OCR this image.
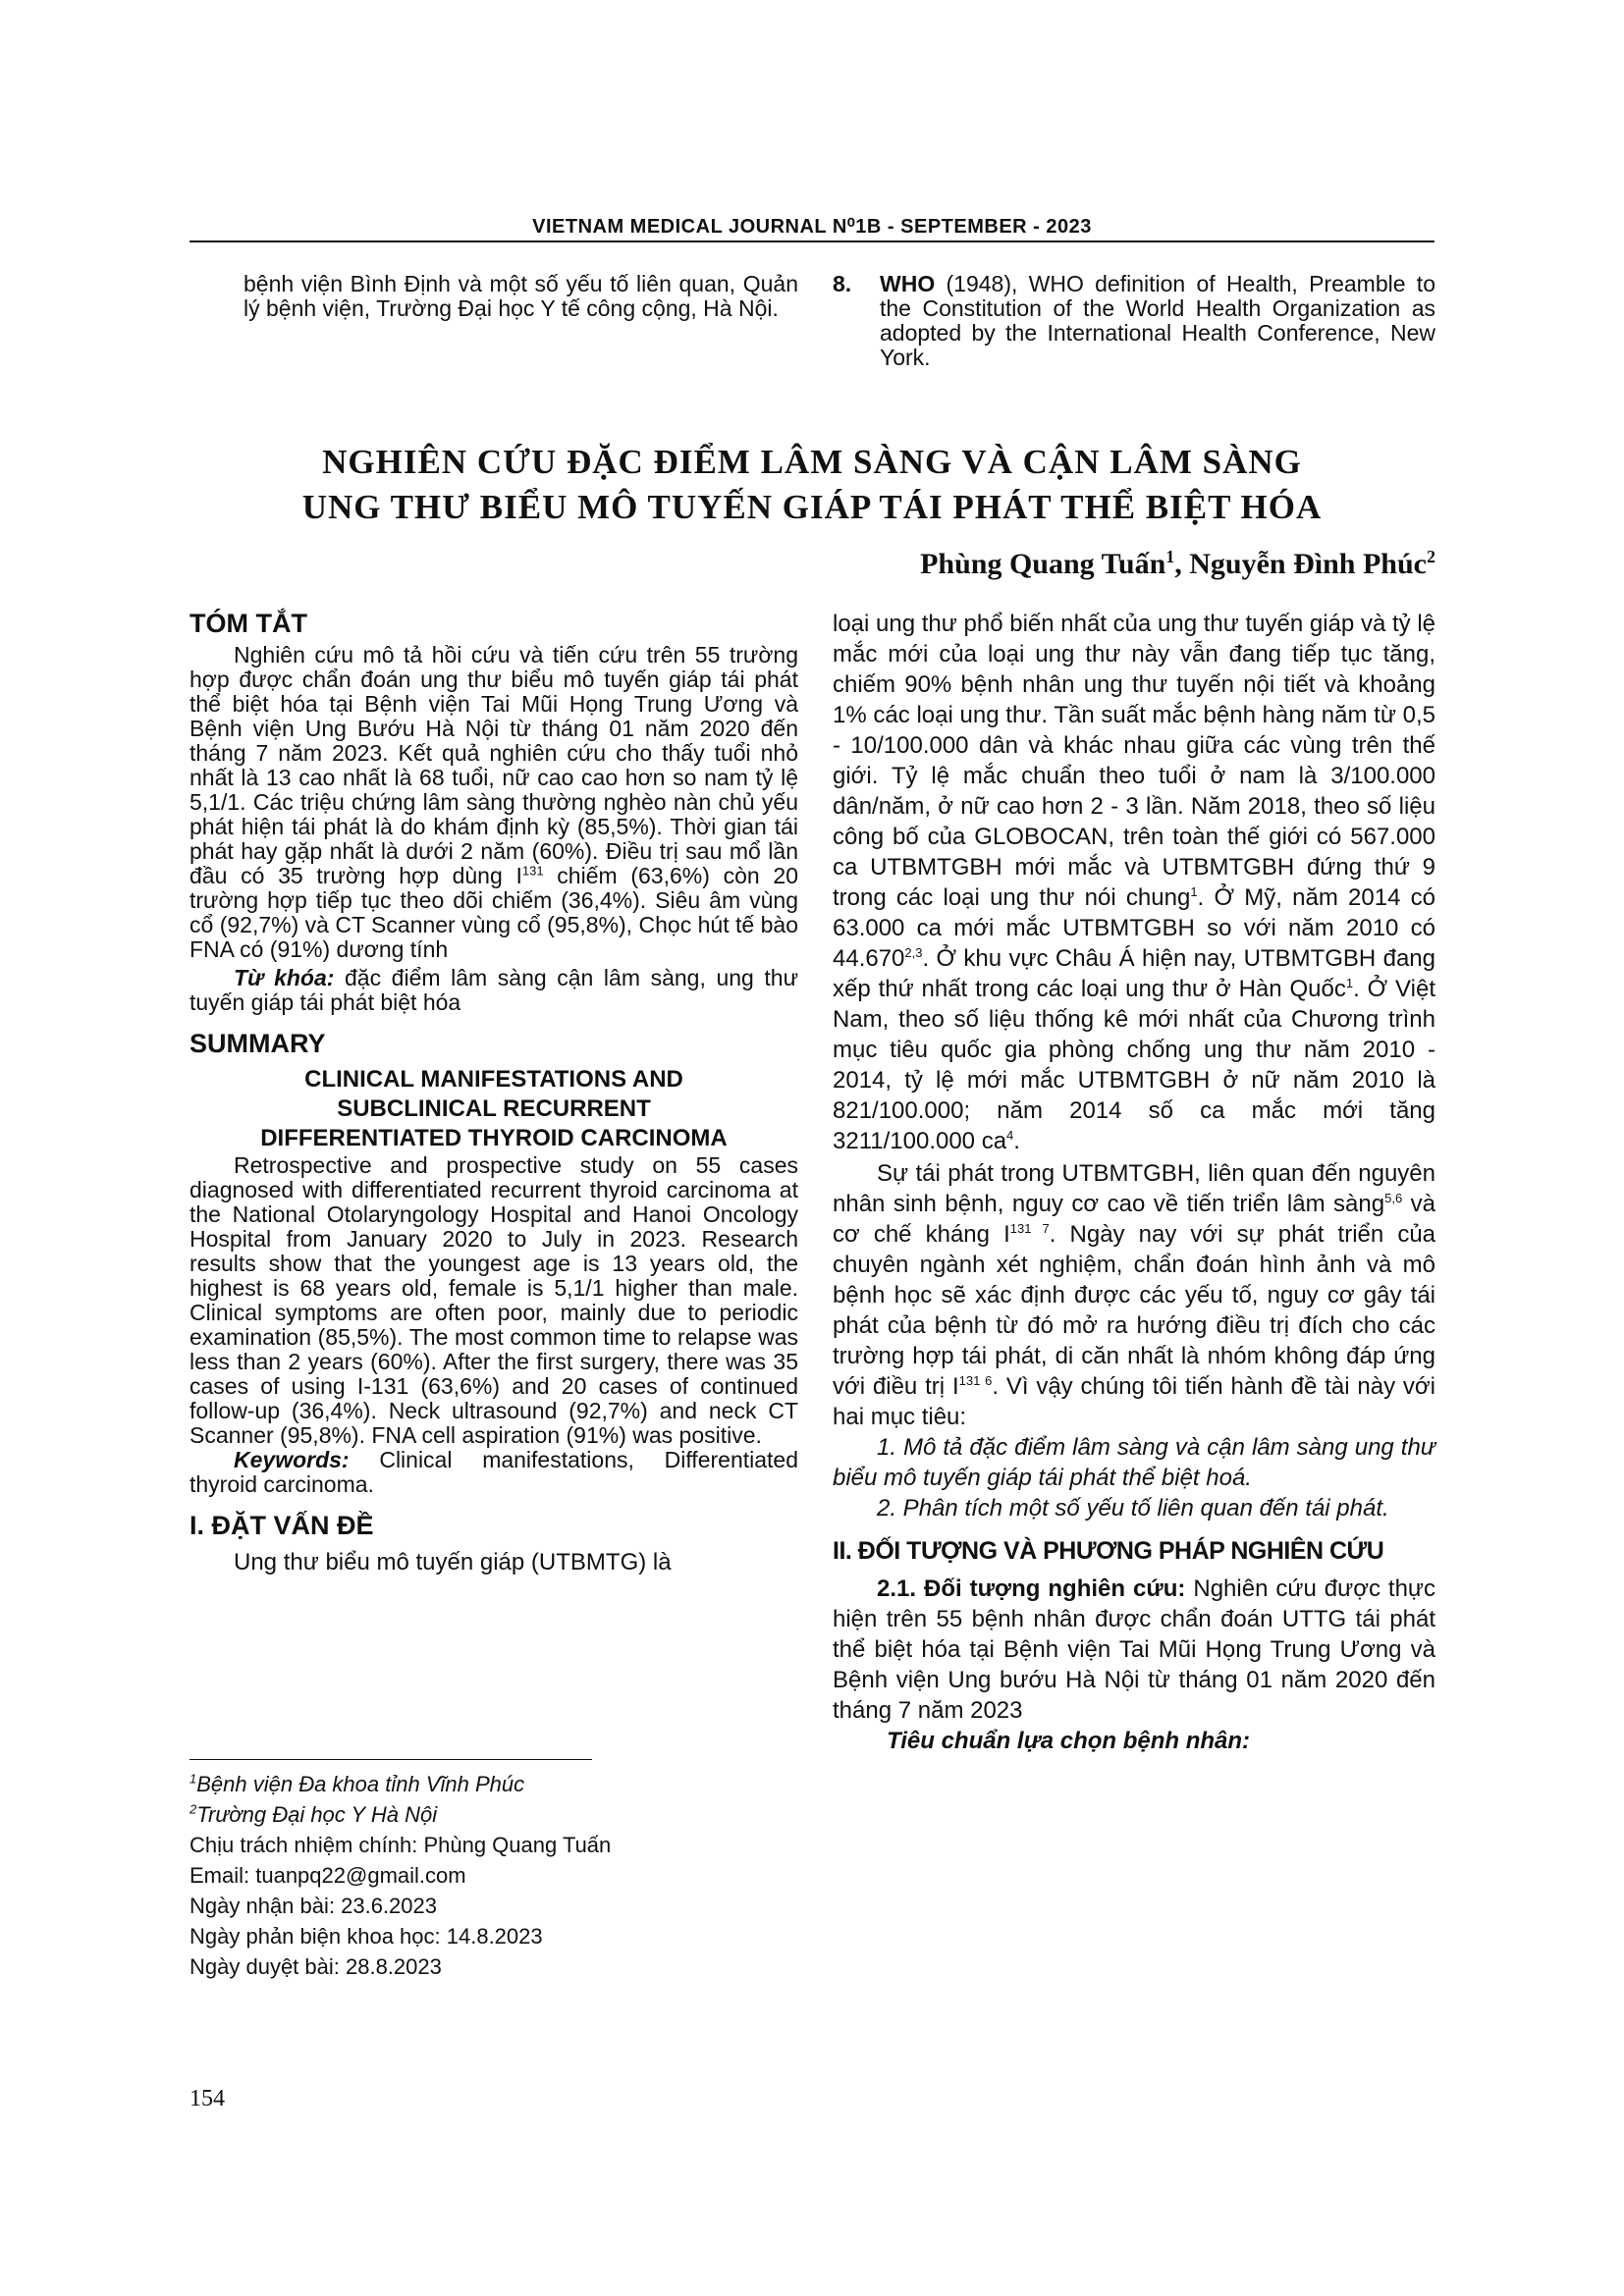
VIETNAM MEDICAL JOURNAL N⁰1B - SEPTEMBER - 2023

bệnh viện Bình Định và một số yếu tố liên quan, Quản lý bệnh viện, Trường Đại học Y tế công cộng, Hà Nội.

8. WHO (1948), WHO definition of Health, Preamble to the Constitution of the World Health Organization as adopted by the International Health Conference, New York.

NGHIÊN CỨU ĐẶC ĐIỂM LÂM SÀNG VÀ CẬN LÂM SÀNG
UNG THƯ BIỂU MÔ TUYẾN GIÁP TÁI PHÁT THỂ BIỆT HÓA
Phùng Quang Tuấn$^1$, Nguyễn Đình Phúc$^2$
TÓM TẮT

Nghiên cứu mô tả hồi cứu và tiến cứu trên 55 trường hợp được chẩn đoán ung thư biểu mô tuyến giáp tái phát thể biệt hóa tại Bệnh viện Tai Mũi Họng Trung Ương và Bệnh viện Ung Bướu Hà Nội từ tháng 01 năm 2020 đến tháng 7 năm 2023. Kết quả nghiên cứu cho thấy tuổi nhỏ nhất là 13 cao nhất là 68 tuổi, nữ cao cao hơn so nam tỷ lệ 5,1/1. Các triệu chứng lâm sàng thường nghèo nàn chủ yếu phát hiện tái phát là do khám định kỳ (85,5%). Thời gian tái phát hay gặp nhất là dưới 2 năm (60%). Điều trị sau mổ lần đầu có 35 trường hợp dùng $I^{131}$ chiếm (63,6%) còn 20 trường hợp tiếp tục theo dõi chiếm (36,4%). Siêu âm vùng cổ (92,7%) và CT Scanner vùng cổ (95,8%), Chọc hút tế bào FNA có (91%) dương tính

Từ khóa: đặc điểm lâm sàng cận lâm sàng, ung thư tuyến giáp tái phát biệt hóa

SUMMARY

CLINICAL MANIFESTATIONS AND

SUBCLINICAL RECURRENT

DIFFERENTIATED THYROID CARCINOMA

Retrospective and prospective study on 55 cases diagnosed with differentiated recurrent thyroid carcinoma at the National Otolaryngology Hospital and Hanoi Oncology Hospital from January 2020 to July in 2023. Research results show that the youngest age is 13 years old, the highest is 68 years old, female is 5,1/1 higher than male. Clinical symptoms are often poor, mainly due to periodic examination (85,5%). The most common time to relapse was less than 2 years (60%). After the first surgery, there was 35 cases of using I-131 (63,6%) and 20 cases of continued follow-up (36,4%). Neck ultrasound (92,7%) and neck CT Scanner (95,8%). FNA cell aspiration (91%) was positive.

Keywords: Clinical manifestations, Differentiated thyroid carcinoma.

I. ĐẶT VẤN ĐỀ

Ung thư biểu mô tuyến giáp (UTBMTG) là

$^1$Bệnh viện Đa khoa tỉnh Vĩnh Phúc

$^2$Trường Đại học Y Hà Nội

Chịu trách nhiệm chính: Phùng Quang Tuấn

Email: tuanpq22@gmail.com

Ngày nhận bài: 23.6.2023

Ngày phản biện khoa học: 14.8.2023

Ngày duyệt bài: 28.8.2023

154

loại ung thư phổ biến nhất của ung thư tuyến giáp và tỷ lệ mắc mới của loại ung thư này vẫn đang tiếp tục tăng, chiếm 90% bệnh nhân ung thư tuyến nội tiết và khoảng 1% các loại ung thư. Tần suất mắc bệnh hàng năm từ 0,5 - 10/100.000 dân và khác nhau giữa các vùng trên thế giới. Tỷ lệ mắc chuẩn theo tuổi ở nam là 3/100.000 dân/năm, ở nữ cao hơn 2 - 3 lần. Năm 2018, theo số liệu công bố của GLOBOCAN, trên toàn thế giới có 567.000 ca UTBMTGBH mới mắc và UTBMTGBH đứng thứ 9 trong các loại ung thư nói chung$^1$. Ở Mỹ, năm 2014 có 63.000 ca mới mắc UTBMTGBH so với năm 2010 có 44.670$^{2,3}$. Ở khu vực Châu Á hiện nay, UTBMTGBH đang xếp thứ nhất trong các loại ung thư ở Hàn Quốc$^1$. Ở Việt Nam, theo số liệu thống kê mới nhất của Chương trình mục tiêu quốc gia phòng chống ung thư năm 2010 - 2014, tỷ lệ mới mắc UTBMTGBH ở nữ năm 2010 là 821/100.000; năm 2014 số ca mắc mới tăng 3211/100.000 $ca^4$.

Sự tái phát trong UTBMTGBH, liên quan đến nguyên nhân sinh bệnh, nguy cơ cao về tiến triển lâm sàng$^{5,6}$ và cơ chế kháng $I^{131 7}$. Ngày nay với sự phát triển của chuyên ngành xét nghiệm, chẩn đoán hình ảnh và mô bệnh học sẽ xác định được các yếu tố, nguy cơ gây tái phát của bệnh từ đó mở ra hướng điều trị đích cho các trường hợp tái phát, di căn nhất là nhóm không đáp ứng với điều trị $I^{131 6}$. Vì vậy chúng tôi tiến hành đề tài này với hai mục tiêu:

1. Mô tả đặc điểm lâm sàng và cận lâm sàng ung thư biểu mô tuyến giáp tái phát thể biệt hoá.

2. Phân tích một số yếu tố liên quan đến tái phát.

II. ĐỐI TƯỢNG VÀ PHƯƠNG PHÁP NGHIÊN CỨU

2.1. Đối tượng nghiên cứu: Nghiên cứu được thực hiện trên 55 bệnh nhân được chẩn đoán UTTG tái phát thể biệt hóa tại Bệnh viện Tai Mũi Họng Trung Ương và Bệnh viện Ung bướu Hà Nội từ tháng 01 năm 2020 đến tháng 7 năm 2023

Tiêu chuẩn lựa chọn bệnh nhân:
